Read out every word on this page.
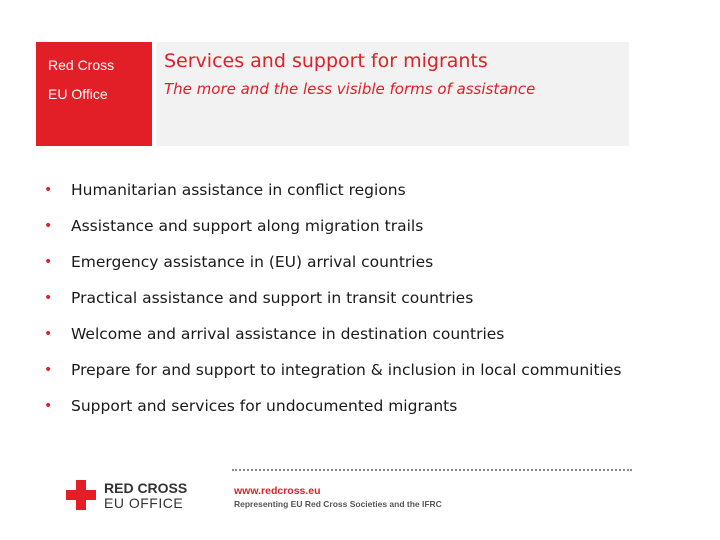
Red Cross
EU Office
Services and support for migrants
The more and the less visible forms of assistance
•	Humanitarian assistance in conflict regions
•	Assistance and support along migration trails
•	Emergency assistance in (EU) arrival countries
•	Practical assistance and support in transit countries
•	Welcome and arrival assistance in destination countries
•	Prepare for and support to integration & inclusion in local communities
•	Support and services for undocumented migrants
RED CROSS
EU OFFICE
www.redcross.eu
Representing EU Red Cross Societies and the IFRC
